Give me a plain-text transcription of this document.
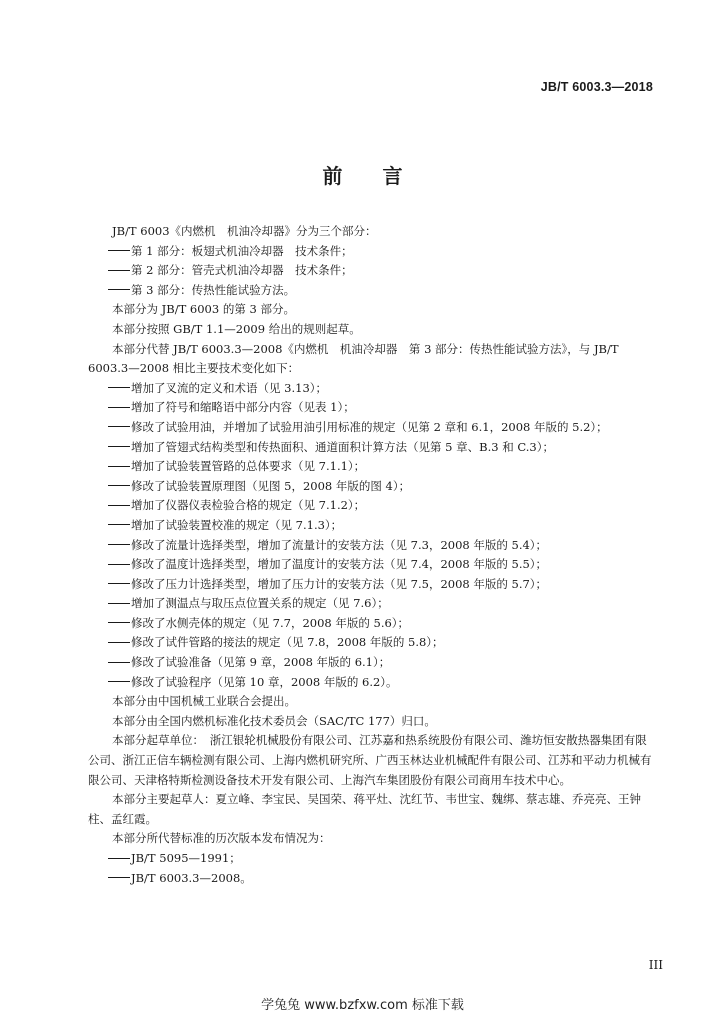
JB/T 6003.3—2018
前言

JB/T 6003《内燃机　机油冷却器》分为三个部分：

第 1 部分：板翅式机油冷却器　技术条件；

第 2 部分：管壳式机油冷却器　技术条件；

第 3 部分：传热性能试验方法。

本部分为 JB/T 6003 的第 3 部分。

本部分按照 GB/T 1.1—2009 给出的规则起草。

本部分代替 JB/T 6003.3—2008《内燃机　机油冷却器　第 3 部分：传热性能试验方法》，与 JB/T 6003.3—2008 相比主要技术变化如下：

增加了叉流的定义和术语（见 3.13）；

增加了符号和缩略语中部分内容（见表 1）；

修改了试验用油，并增加了试验用油引用标准的规定（见第 2 章和 6.1，2008 年版的 5.2）；

增加了管翅式结构类型和传热面积、通道面积计算方法（见第 5 章、B.3 和 C.3）；

增加了试验装置管路的总体要求（见 7.1.1）；

修改了试验装置原理图（见图 5，2008 年版的图 4）；

增加了仪器仪表检验合格的规定（见 7.1.2）；

增加了试验装置校准的规定（见 7.1.3）；

修改了流量计选择类型，增加了流量计的安装方法（见 7.3，2008 年版的 5.4）；

修改了温度计选择类型，增加了温度计的安装方法（见 7.4，2008 年版的 5.5）；

修改了压力计选择类型，增加了压力计的安装方法（见 7.5，2008 年版的 5.7）；

增加了测温点与取压点位置关系的规定（见 7.6）；

修改了水侧壳体的规定（见 7.7，2008 年版的 5.6）；

修改了试件管路的接法的规定（见 7.8，2008 年版的 5.8）；

修改了试验准备（见第 9 章，2008 年版的 6.1）；

修改了试验程序（见第 10 章，2008 年版的 6.2）。

本部分由中国机械工业联合会提出。

本部分由全国内燃机标准化技术委员会（SAC/TC 177）归口。

本部分起草单位：　浙江银轮机械股份有限公司、江苏嘉和热系统股份有限公司、潍坊恒安散热器集团有限公司、浙江正信车辆检测有限公司、上海内燃机研究所、广西玉林达业机械配件有限公司、江苏和平动力机械有限公司、天津格特斯检测设备技术开发有限公司、上海汽车集团股份有限公司商用车技术中心。

本部分主要起草人：夏立峰、李宝民、吴国荣、蒋平灶、沈红节、韦世宝、魏绑、蔡志雄、乔亮亮、王钟柱、孟红霞。

本部分所代替标准的历次版本发布情况为：

JB/T 5095—1991；

JB/T 6003.3—2008。

III
学兔兔 www.bzfxw.com 标准下载
